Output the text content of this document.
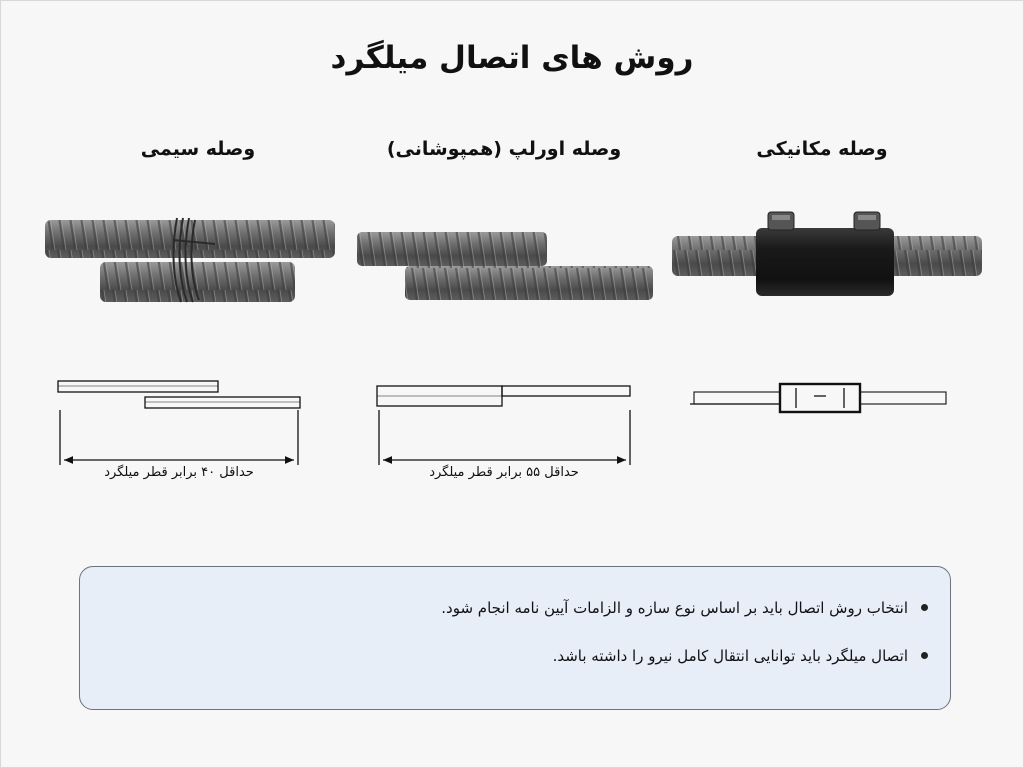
روش های اتصال میلگرد
وصله سیمی	وصله اورلپ (همپوشانی)	وصله مکانیکی
حداقل ۴۰ برابر قطر میلگرد	حداقل ۵۵ برابر قطر میلگرد
انتخاب روش اتصال باید بر اساس نوع سازه و الزامات آیین نامه انجام شود.
اتصال میلگرد باید توانایی انتقال کامل نیرو را داشته باشد.
